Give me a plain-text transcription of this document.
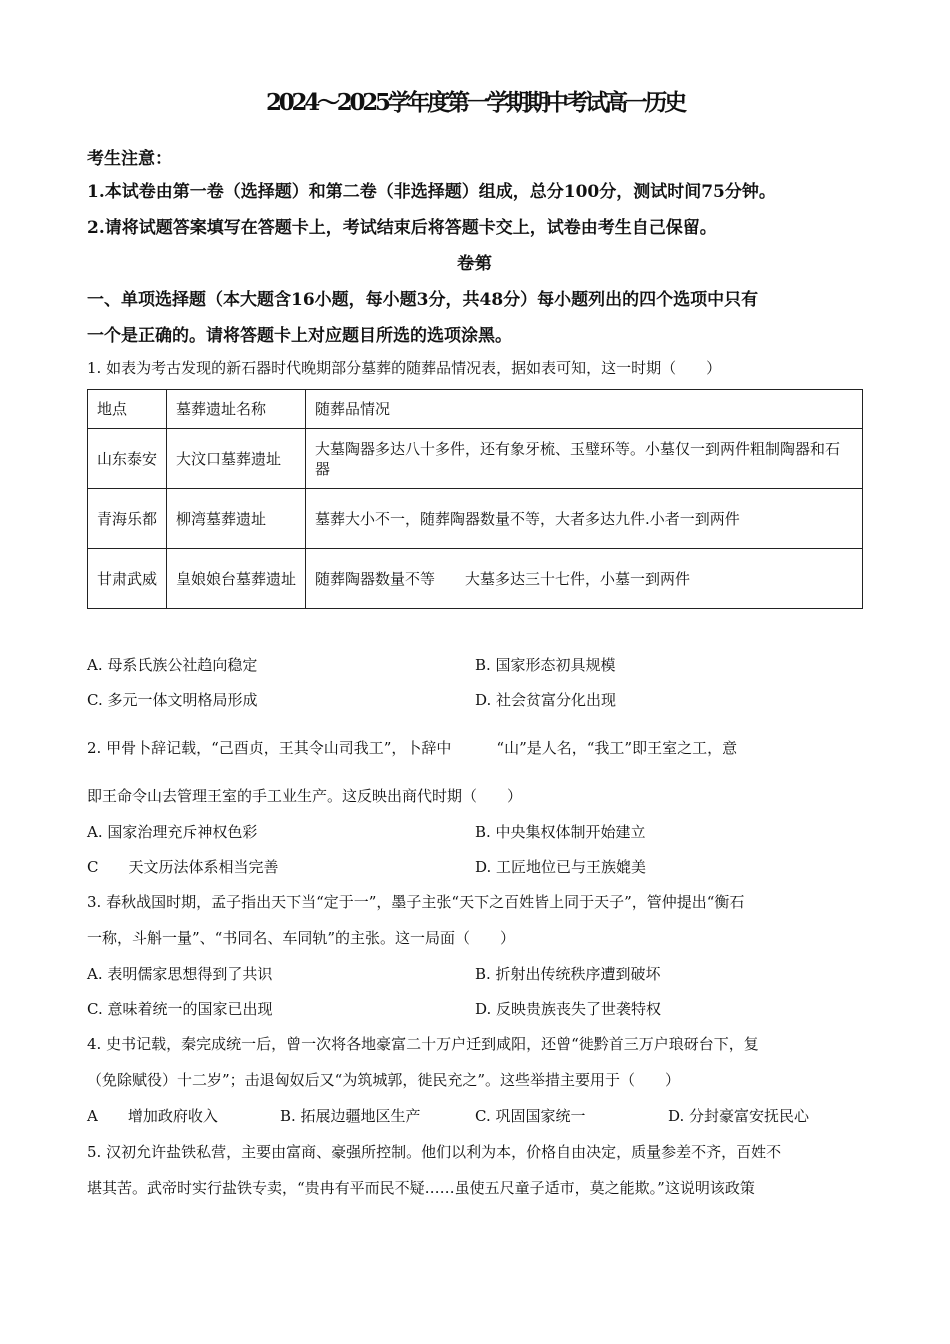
2024～2025学年度第一学期期中考试高一历史
考生注意：
1.本试卷由第一卷（选择题）和第二卷（非选择题）组成，总分100分，测试时间75分钟。
2.请将试题答案填写在答题卡上，考试结束后将答题卡交上，试卷由考生自己保留。
一、单项选择题（本大题含16小题，每小题3分，共48分）每小题列出的四个选项中只有
一个是正确的。请将答题卡上对应题目所选的选项涂黑。
1. 如表为考古发现的新石器时代晚期部分墓葬的随葬品情况表，据如表可知，这一时期（　　）
地点	墓葬遗址名称	随葬品情况
山东泰安	大汶口墓葬遗址	大墓陶器多达八十多件，还有象牙梳、玉璧环等。小墓仅一到两件粗制陶器和石器
青海乐都	柳湾墓葬遗址	墓葬大小不一，随葬陶器数量不等，大者多达九件.小者一到两件
甘肃武威	皇娘娘台墓葬遗址	随葬陶器数量不等　　大墓多达三十七件，小墓一到两件
A. 母系氏族公社趋向稳定	B. 国家形态初具规模
C. 多元一体文明格局形成	D. 社会贫富分化出现
2. 甲骨卜辞记载，“己酉贞，王其令山司我工”，卜辞中　　　“山”是人名，“我工”即王室之工，意
即王命令山去管理王室的手工业生产。这反映出商代时期（　　）
A. 国家治理充斥神权色彩	B. 中央集权体制开始建立
C　　天文历法体系相当完善	D. 工匠地位已与王族媲美
3. 春秋战国时期，孟子指出天下当“定于一”，墨子主张“天下之百姓皆上同于天子”，管仲提出“衡石
一称，斗斛一量”、“书同名、车同轨”的主张。这一局面（　　）
A. 表明儒家思想得到了共识	B. 折射出传统秩序遭到破坏
C. 意味着统一的国家已出现	D. 反映贵族丧失了世袭特权
4. 史书记载，秦完成统一后，曾一次将各地豪富二十万户迁到咸阳，还曾“徙黔首三万户琅砑台下，复
（免除赋役）十二岁”；击退匈奴后又“为筑城郭，徙民充之”。这些举措主要用于（　　）
A　　增加政府收入	B. 拓展边疆地区生产	C. 巩固国家统一	D. 分封豪富安抚民心
5. 汉初允许盐铁私营，主要由富商、豪强所控制。他们以利为本，价格自由决定，质量参差不齐，百姓不
堪其苦。武帝时实行盐铁专卖，“贵冉有平而民不疑……虽使五尺童子适市，莫之能欺。”这说明该政策
